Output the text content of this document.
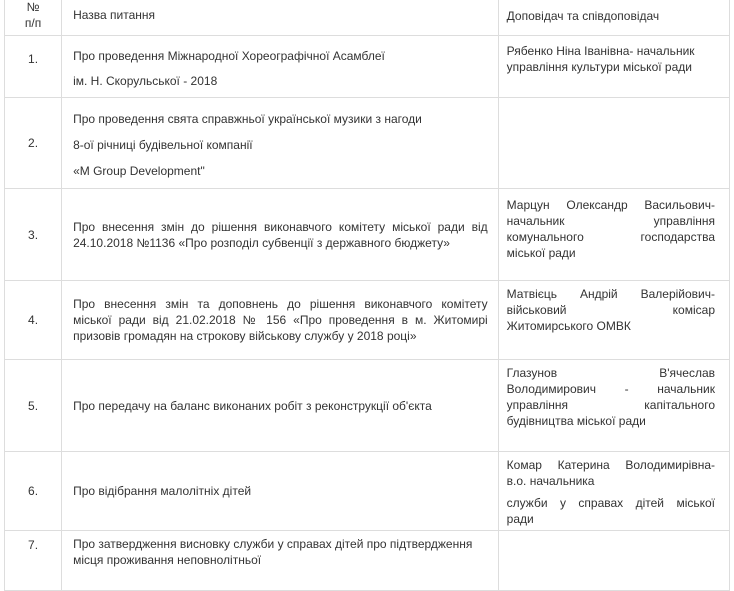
№
п/п	Назва питання	Доповідач та співдоповідач
1.	Про проведення Міжнародної Хореографічної Асамблеї
ім. Н. Скорульської - 2018	Рябенко Ніна Іванівна- начальник
управління культури міської ради

2.	Про проведення свята справжньої української музики з нагоди
8-ої річниці будівельної компанії
«M Group Development"	

3.	Про внесення змін до рішення виконавчого комітету міської ради від
24.10.2018 №1136 «Про розподіл субвенції з державного бюджету»	Марцун Олександр Васильович-
начальник управління
комунального господарства
міської ради

4.	Про внесення змін та доповнень до рішення виконавчого комітету
міської ради від 21.02.2018 № 156 «Про проведення в м. Житомирі
призовів громадян на строкову військову службу у 2018 році»	Матвієць Андрій Валерійович-
військовий комісар
Житомирського ОМВК

5.	Про передачу на баланс виконаних робіт з реконструкції об'єкта	Глазунов В'ячеслав
Володимирович - начальник
управління капітального
будівництва міської ради

6.	Про відібрання малолітніх дітей	Комар Катерина Володимирівна-
в.о. начальника
служби у справах дітей міської
ради

7.	Про затвердження висновку служби у справах дітей про підтвердження
місця проживання неповнолітньої	
